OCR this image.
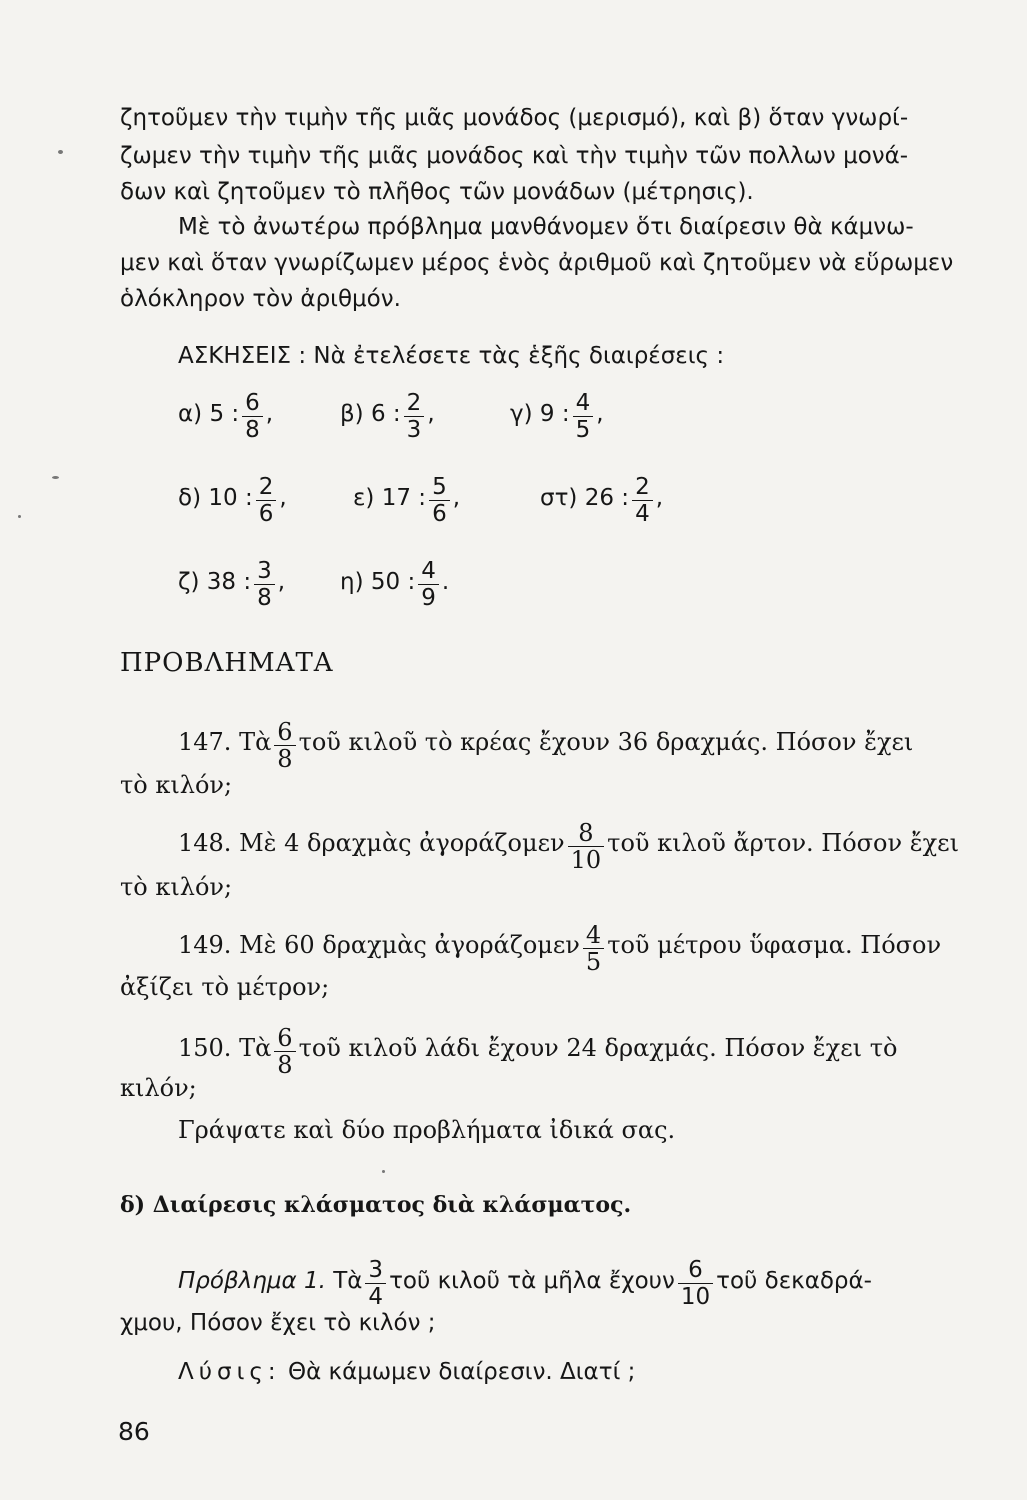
ζητοῦμεν τὴν τιμὴν τῆς μιᾶς μονάδος (μερισμό), καὶ β) ὅταν γνωρί-
ζωμεν τὴν τιμὴν τῆς μιᾶς μονάδος καὶ τὴν τιμὴν τῶν πολλων μονά-
δων καὶ ζητοῦμεν τὸ πλῆθος τῶν μονάδων (μέτρησις).
Μὲ τὸ ἀνωτέρω πρόβλημα μανθάνομεν ὅτι διαίρεσιν θὰ κάμνω-
μεν καὶ ὅταν γνωρίζωμεν μέρος ἑνὸς ἀριθμοῦ καὶ ζητοῦμεν νὰ εὕρωμεν
ὁλόκληρον τὸν ἀριθμόν.
ΑΣΚΗΣΕΙΣ : Νὰ ἐτελέσετε τὰς ἑξῆς διαιρέσεις :
α) 5 : $\frac{6}{8}$ ,	β) 6 : $\frac{2}{3}$ ,	γ) 9 : $\frac{4}{5}$ ,
δ) 10 : $\frac{2}{6}$ ,	ε) 17 : $\frac{5}{6}$ ,	στ) 26 : $\frac{2}{4}$ ,
ζ) 38 : $\frac{3}{8}$ , η) 50 : $\frac{4}{9}$ .
ΠΡΟΒΛΗΜΑΤΑ
147. Τὰ $\frac{6}{8}$ τοῦ κιλοῦ τὸ κρέας ἔχουν 36 δραχμάς. Πόσον ἔχει
τὸ κιλόν;
148. Μὲ 4 δραχμὰς ἀγοράζομεν $\frac{8}{10}$ τοῦ κιλοῦ ἄρτον. Πόσον ἔχει
τὸ κιλόν;
149. Μὲ 60 δραχμὰς ἀγοράζομεν $\frac{4}{5}$ τοῦ μέτρου ὕφασμα. Πόσον
ἀξίζει τὸ μέτρον;
150. Τὰ $\frac{6}{8}$ τοῦ κιλοῦ λάδι ἔχουν 24 δραχμάς. Πόσον ἔχει τὸ
κιλόν;
Γράψατε καὶ δύο προβλήματα ἰδικά σας.
δ) Διαίρεσις κλάσματος διὰ κλάσματος.
Πρόβλημα 1. Τὰ $\frac{3}{4}$ τοῦ κιλοῦ τὰ μῆλα ἔχουν $\frac{6}{10}$ τοῦ δεκαδρά-
χμου, Πόσον ἔχει τὸ κιλόν ;
Λύσις: Θὰ κάμωμεν διαίρεσιν. Διατί ;
86
